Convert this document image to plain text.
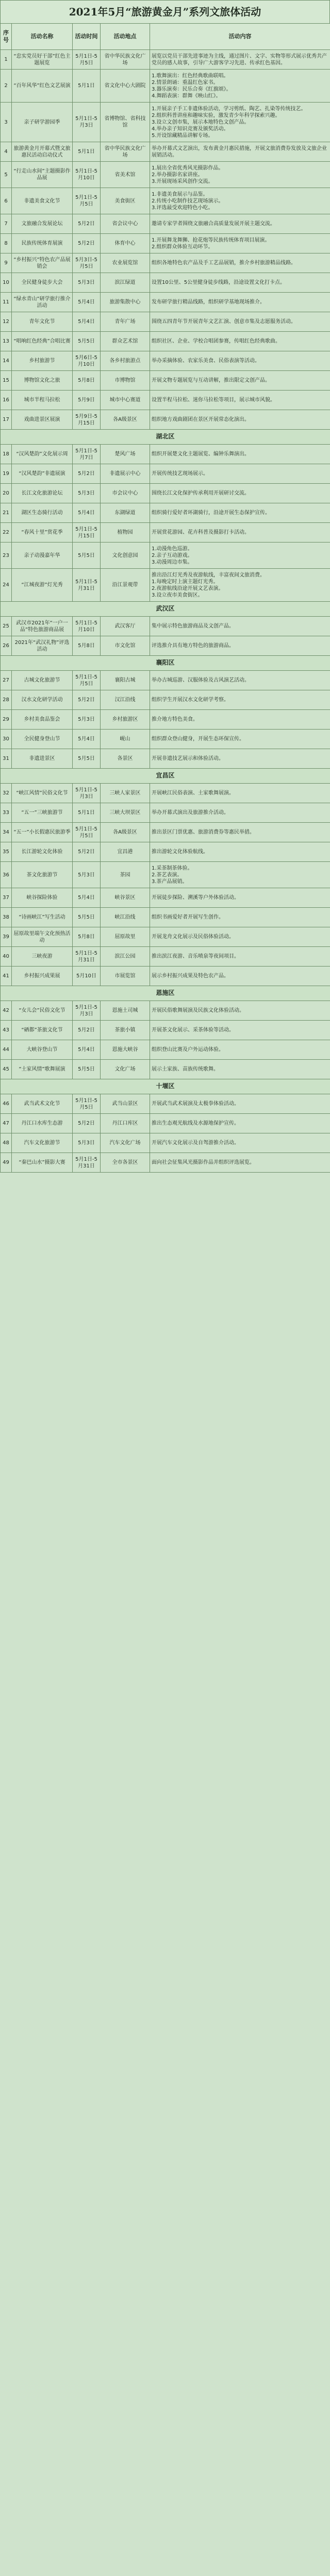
2021年5月“旅游黄金月”系列文旅体活动
序号	活动名称	活动时间	活动地点	活动内容
1	“忠实党员好干部”红色主题展览	5月1日-5月5日	省中华民族文化广场	展览以党员干部先进事迹为主线，通过图片、文字、实物等形式展示优秀共产党员的感人故事，引导广大游客学习先进、传承红色基因。
2	“百年风华”红色文艺展演	5月1日	省文化中心大剧院	1.歌舞演出：红色经典歌曲联唱。
2.情景朗诵：重温红色家书。
3.器乐演奏：民乐合奏《红旗颂》。
4.舞蹈表演：群舞《映山红》。
3	亲子研学游园季	5月1日-5月3日	省博物馆、省科技馆	1.开展亲子手工非遗体验活动，学习剪纸、陶艺、扎染等传统技艺。
2.组织科普讲座和趣味实验，激发青少年科学探索兴趣。
3.设立文创市集，展示本地特色文创产品。
4.举办亲子知识竞赛及颁奖活动。
5.开设馆藏精品讲解专场。
4	旅游黄金月开幕式暨文旅惠民活动启动仪式	5月1日	省中华民族文化广场	举办开幕式文艺演出，发布黄金月惠民措施，开展文旅消费券发放及文旅企业展销活动。
5	“行走山水间”主题摄影作品展	5月1日-5月10日	省美术馆	1.展出全省优秀风光摄影作品。
2.举办摄影名家讲座。
3.开展现场采风创作交流。
6	非遗美食文化节	5月1日-5月5日	美食街区	1.非遗美食展示与品鉴。
2.传统小吃制作技艺现场演示。
3.评选最受欢迎特色小吃。
7	文旅融合发展论坛	5月2日	省会议中心	邀请专家学者围绕文旅融合高质量发展开展主题交流。
8	民族传统体育展演	5月2日	体育中心	1.开展舞龙舞狮、抢花炮等民族传统体育项目展演。
2.组织群众体验互动环节。
9	“乡村振兴”特色农产品展销会	5月3日-5月5日	农业展览馆	组织各地特色农产品及手工艺品展销，推介乡村旅游精品线路。
10	全民健身徒步大会	5月3日	滨江绿道	设置10公里、5公里健身徒步线路，沿途设置文化打卡点。
11	“绿水青山”研学旅行推介活动	5月4日	旅游集散中心	发布研学旅行精品线路，组织研学基地现场推介。
12	青年文化节	5月4日	青年广场	围绕五四青年节开展青年文艺汇演、创意市集及志愿服务活动。
13	“唱响红色经典”合唱比赛	5月5日	群众艺术馆	组织社区、企业、学校合唱团参赛，传唱红色经典歌曲。
14	乡村旅游节	5月6日-5月10日	各乡村旅游点	举办采摘体验、农家乐美食、民俗表演等活动。
15	博物馆文化之旅	5月8日	市博物馆	开展文物专题展览与互动讲解，推出限定文创产品。
16	城市半程马拉松	5月9日	城市中心赛道	设置半程马拉松、迷你马拉松等项目，展示城市风貌。
17	戏曲进景区展演	5月9日-5月15日	各A级景区	组织地方戏曲剧团在景区开展常态化演出。
湖北区				
18	“汉风楚韵”文化展示周	5月1日-5月7日	楚风广场	组织开展楚文化主题展览、编钟乐舞演出。
19	“汉风楚韵”非遗展演	5月2日	非遗展示中心	开展传统技艺现场展示。
20	长江文化旅游论坛	5月3日	市会议中心	围绕长江文化保护传承利用开展研讨交流。
21	湖区生态骑行活动	5月4日	东湖绿道	组织骑行爱好者环湖骑行，沿途开展生态保护宣传。
22	“春风十里”赏花季	5月1日-5月15日	植物园	开展赏花游园、花卉科普及摄影打卡活动。
23	亲子动漫嘉年华	5月5日	文化创意园	1.动漫角色巡游。
2.亲子互动游戏。
3.动漫周边市集。
24	“江城夜游”灯光秀	5月1日-5月31日	沿江景观带	推出沿江灯光秀及夜游航线，丰富夜间文旅消费。
1.每晚定时上演主题灯光秀。
2.夜游航线沿途开展文艺表演。
3.设立夜市美食街区。
武汉区				
25	武汉市2021年“一户一品”特色旅游商品展	5月1日-5月10日	武汉客厅	集中展示特色旅游商品及文创产品。
26	2021年“武汉礼物”评选活动	5月8日	市文化馆	评选推介具有地方特色的旅游商品。
襄阳区				
27	古城文化旅游节	5月1日-5月5日	襄阳古城	举办古城巡游、汉服体验及古风演艺活动。
28	汉水文化研学活动	5月2日	汉江沿线	组织学生开展汉水文化研学考察。
29	乡村美食品鉴会	5月3日	乡村旅游区	推介地方特色美食。
30	全民健身登山节	5月4日	岘山	组织群众登山健身，开展生态环保宣传。
31	非遗进景区	5月5日	各景区	开展非遗技艺展示和体验活动。
宜昌区				
32	“峡江风情”民俗文化节	5月1日-5月3日	三峡人家景区	开展峡江民俗表演、土家歌舞展演。
33	“五一”三峡旅游节	5月1日	三峡大坝景区	举办开幕式演出及旅游推介活动。
34	“五一”小长假惠民旅游季	5月1日-5月5日	各A级景区	推出景区门票优惠、旅游消费券等惠民举措。
35	长江游轮文化体验	5月2日	宜昌港	推出游轮文化体验航线。
36	茶文化旅游节	5月3日	茶园	1.采茶制茶体验。
2.茶艺表演。
3.茶产品展销。
37	峡谷探险体验	5月4日	峡谷景区	开展徒步探险、溯溪等户外体验活动。
38	“诗画峡江”写生活动	5月5日	峡江沿线	组织书画爱好者开展写生创作。
39	屈原故里端午文化预热活动	5月8日	屈原故里	开展龙舟文化展示及民俗体验活动。
40	三峡夜游	5月1日-5月31日	滨江公园	推出滨江夜游、音乐喷泉等夜间项目。
41	乡村振兴成果展	5月10日	市展览馆	展示乡村振兴成果及特色农产品。
恩施区				
42	“女儿会”民俗文化节	5月1日-5月3日	恩施土司城	开展民俗歌舞展演及民族文化体验活动。
43	“硒都”茶旅文化节	5月2日	茶旅小镇	开展茶文化展示、采茶体验等活动。
44	大峡谷登山节	5月4日	恩施大峡谷	组织登山比赛及户外运动体验。
45	“土家风情”歌舞展演	5月5日	文化广场	展示土家族、苗族传统歌舞。
十堰区				
46	武当武术文化节	5月1日-5月5日	武当山景区	开展武当武术展演及太极拳体验活动。
47	丹江口水库生态游	5月2日	丹江口库区	推出生态观光航线及水源地保护宣传。
48	汽车文化旅游节	5月3日	汽车文化广场	开展汽车文化展示及自驾游推介活动。
49	“秦巴山水”摄影大赛	5月1日-5月31日	全市各景区	面向社会征集风光摄影作品并组织评选展览。
